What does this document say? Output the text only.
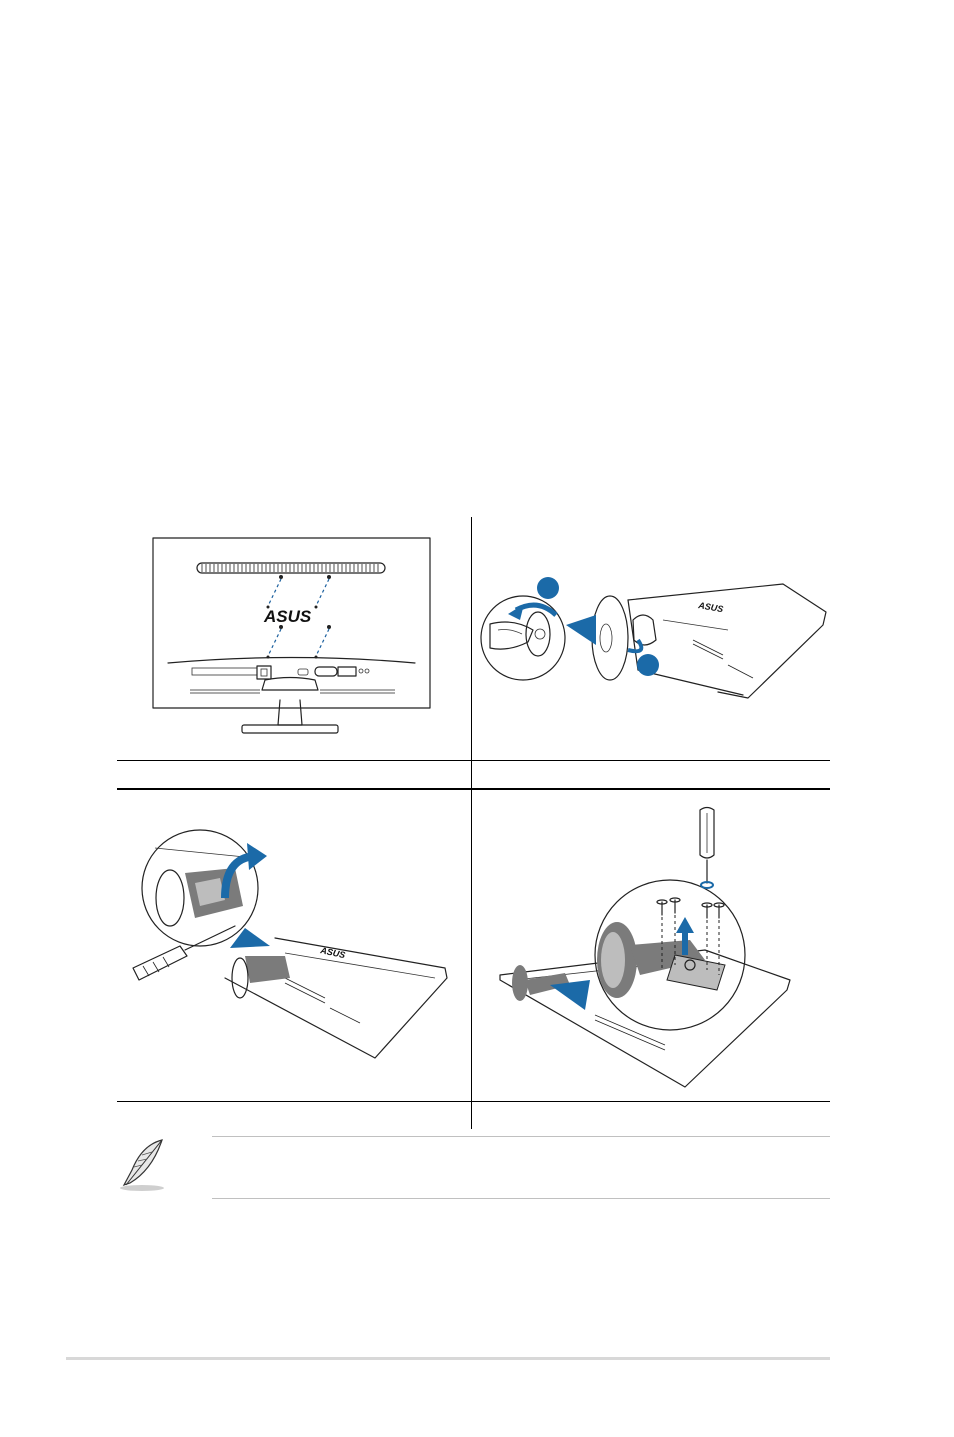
ASUS	ASUS
ASUS
